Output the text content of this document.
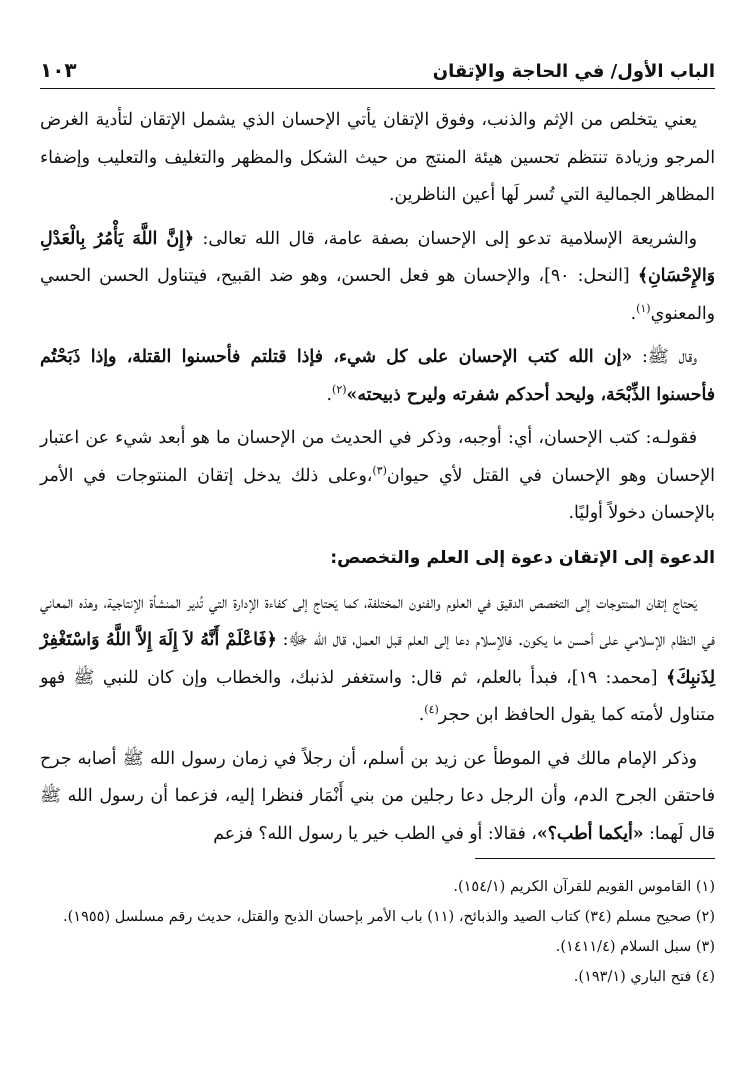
الباب الأول/ في الحاجة والإتقان
١٠٣

يعني يتخلص من الإثم والذنب، وفوق الإتقان يأتي الإحسان الذي يشمل الإتقان لتأدية الغرض المرجو وزيادة تنتظم تحسين هيئة المنتج من حيث الشكل والمظهر والتغليف والتعليب وإضفاء المظاهر الجمالية التي تُسر لَها أعين الناظرين.

والشريعة الإسلامية تدعو إلى الإحسان بصفة عامة، قال الله تعالى: ﴿إِنَّ اللَّهَ يَأْمُرُ بِالْعَدْلِ وَالإِحْسَانِ﴾ [النحل: ٩٠]، والإحسان هو فعل الحسن، وهو ضد القبيح، فيتناول الحسن الحسي والمعنوي$^{(١)}$.

وقال ﷺ: «إن الله كتب الإحسان على كل شيء، فإذا قتلتم فأحسنوا القتلة، وإذا ذَبَحْتُم فأحسنوا الذِّبْحَة، وليحد أحدكم شفرته وليرح ذبيحته»$^{(٢)}$.

فقولـه: كتب الإحسان، أي: أوجبه، وذكر في الحديث من الإحسان ما هو أبعد شيء عن اعتبار الإحسان وهو الإحسان في القتل لأي حيوان$^{(٣)}$،وعلى ذلك يدخل إتقان المنتوجات في الأمر بالإحسان دخولاً أوليًا.

الدعوة إلى الإتقان دعوة إلى العلم والتخصص:

يَحتاج إتقان المنتوجات إلى التخصص الدقيق في العلوم والفنون المختلفة، كما يَحتاج إلى كفاءة الإدارة التي تُدير المنشأة الإنتاجية، وهذه المعاني في النظام الإسلامي على أحسن ما يكون. فالإسلام دعا إلى العلم قبل العمل، قال الله ﷻ: ﴿فَاعْلَمْ أَنَّهُ لاَ إِلَهَ إِلاَّ اللَّهُ وَاسْتَغْفِرْ لِذَنبِكَ﴾ [محمد: ١٩]، فبدأ بالعلم، ثم قال: واستغفر لذنبك، والخطاب وإن كان للنبي ﷺ فهو متناول لأمته كما يقول الحافظ ابن حجر$^{(٤)}$.

وذكر الإمام مالك في الموطأ عن زيد بن أسلم، أن رجلاً في زمان رسول الله ﷺ أصابه جرح فاحتقن الجرح الدم، وأن الرجل دعا رجلين من بني أَنْمَار فنظرا إليه، فزعما أن رسول الله ﷺ قال لَهما: «أيكما أطب؟»، فقالا: أو في الطب خير يا رسول الله؟ فزعم

(١) القاموس القويم للقرآن الكريم (١٥٤/١).

(٢) صحيح مسلم (٣٤) كتاب الصيد والذبائح، (١١) باب الأمر بإحسان الذبح والقتل، حديث رقم مسلسل (١٩٥٥).

(٣) سبل السلام (١٤١١/٤).

(٤) فتح الباري (١٩٣/١).
